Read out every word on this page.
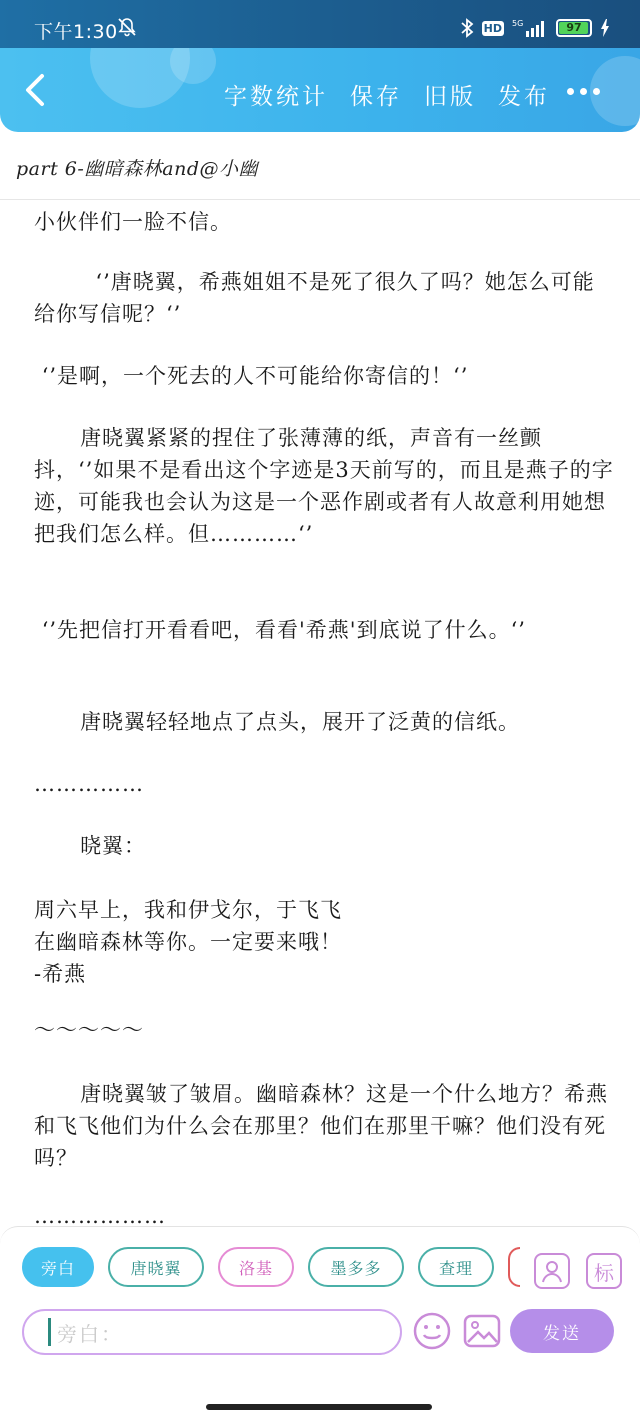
下午1:30	HD 5G	97
字数统计 保存 旧版 发布
part 6-幽暗森林and@小幽
小伙伴们一脸不信。
‘’唐晓翼，希燕姐姐不是死了很久了吗？她怎么可能给你写信呢？‘’
‘’是啊，一个死去的人不可能给你寄信的！‘’
唐晓翼紧紧的捏住了张薄薄的纸，声音有一丝颤抖，‘’如果不是看出这个字迹是3天前写的，而且是燕子的字迹，可能我也会认为这是一个恶作剧或者有人故意利用她想把我们怎么样。但…………‘’
‘’先把信打开看看吧，看看'希燕'到底说了什么。‘’
唐晓翼轻轻地点了点头，展开了泛黄的信纸。
……………
晓翼：
周六早上，我和伊戈尔，于飞飞
在幽暗森林等你。一定要来哦！
-希燕
～～～～～
唐晓翼皱了皱眉。幽暗森林？这是一个什么地方？希燕和飞飞他们为什么会在那里？他们在那里干嘛？他们没有死吗？
………………
旁白	唐晓翼	洛基	墨多多	查理	标
旁白：	发送
